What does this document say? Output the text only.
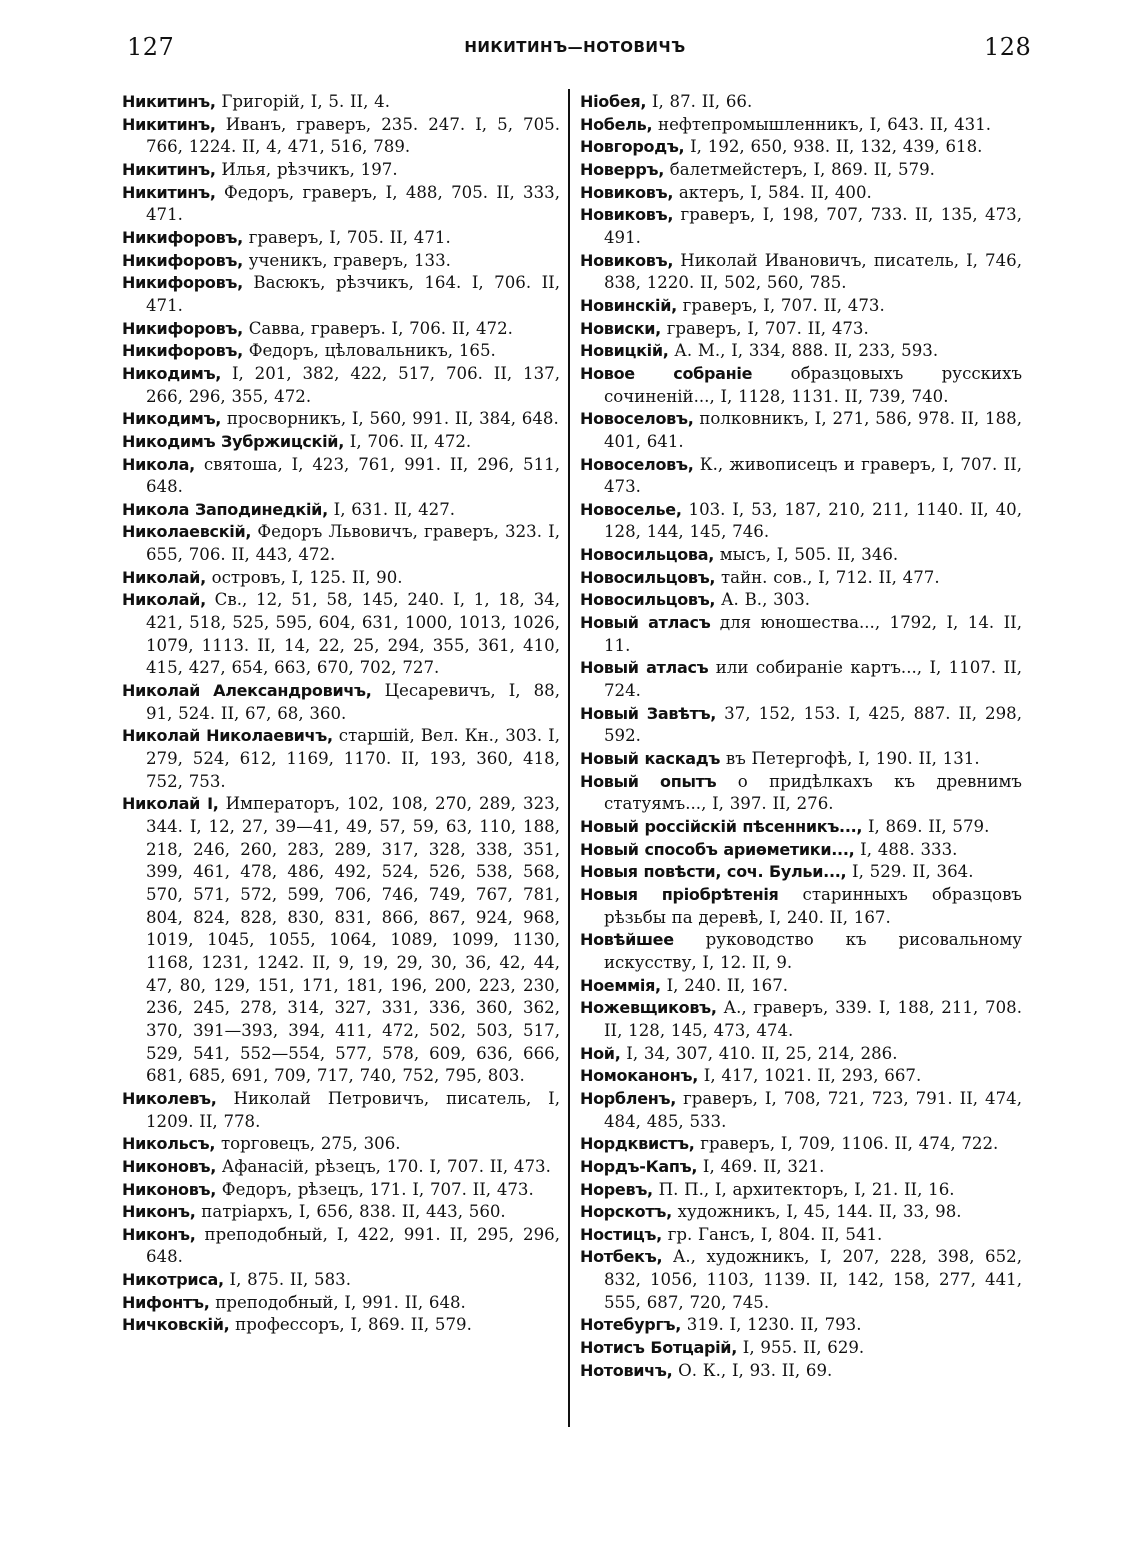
127	НИКИТИНЪ—НОТОВИЧЪ	128
Никитинъ, Григорій, I, 5. II, 4.
Никитинъ, Иванъ, граверъ, 235. 247. I, 5, 705. 766, 1224. II, 4, 471, 516, 789.
Никитинъ, Илья, рѣзчикъ, 197.
Никитинъ, Федоръ, граверъ, I, 488, 705. II, 333, 471.
Никифоровъ, граверъ, I, 705. II, 471.
Никифоровъ, ученикъ, граверъ, 133.
Никифоровъ, Васюкъ, рѣзчикъ, 164. I, 706. II, 471.
Никифоровъ, Савва, граверъ. I, 706. II, 472.
Никифоровъ, Федоръ, цѣловальникъ, 165.
Никодимъ, I, 201, 382, 422, 517, 706. II, 137, 266, 296, 355, 472.
Никодимъ, просворникъ, I, 560, 991. II, 384, 648.
Никодимъ Зубржицскій, I, 706. II, 472.
Никола, святоша, I, 423, 761, 991. II, 296, 511, 648.
Никола Заподинедкій, I, 631. II, 427.
Николаевскій, Федоръ Львовичъ, граверъ, 323. I, 655, 706. II, 443, 472.
Николай, островъ, I, 125. II, 90.
Николай, Св., 12, 51, 58, 145, 240. I, 1, 18, 34, 421, 518, 525, 595, 604, 631, 1000, 1013, 1026, 1079, 1113. II, 14, 22, 25, 294, 355, 361, 410, 415, 427, 654, 663, 670, 702, 727.
Николай Александровичъ, Цесаревичъ, I, 88, 91, 524. II, 67, 68, 360.
Николай Николаевичъ, старшій, Вел. Кн., 303. I, 279, 524, 612, 1169, 1170. II, 193, 360, 418, 752, 753.
Николай I, Императоръ, 102, 108, 270, 289, 323, 344. I, 12, 27, 39—41, 49, 57, 59, 63, 110, 188, 218, 246, 260, 283, 289, 317, 328, 338, 351, 399, 461, 478, 486, 492, 524, 526, 538, 568, 570, 571, 572, 599, 706, 746, 749, 767, 781, 804, 824, 828, 830, 831, 866, 867, 924, 968, 1019, 1045, 1055, 1064, 1089, 1099, 1130, 1168, 1231, 1242. II, 9, 19, 29, 30, 36, 42, 44, 47, 80, 129, 151, 171, 181, 196, 200, 223, 230, 236, 245, 278, 314, 327, 331, 336, 360, 362, 370, 391—393, 394, 411, 472, 502, 503, 517, 529, 541, 552—554, 577, 578, 609, 636, 666, 681, 685, 691, 709, 717, 740, 752, 795, 803.
Николевъ, Николай Петровичъ, писатель, I, 1209. II, 778.
Никольсъ, торговецъ, 275, 306.
Никоновъ, Афанасій, рѣзецъ, 170. I, 707. II, 473.
Никоновъ, Федоръ, рѣзецъ, 171. I, 707. II, 473.
Никонъ, патріархъ, I, 656, 838. II, 443, 560.
Никонъ, преподобный, I, 422, 991. II, 295, 296, 648.
Никотриса, I, 875. II, 583.
Нифонтъ, преподобный, I, 991. II, 648.
Ничковскій, профессоръ, I, 869. II, 579.
Ніобея, I, 87. II, 66.
Нобель, нефтепромышленникъ, I, 643. II, 431.
Новгородъ, I, 192, 650, 938. II, 132, 439, 618.
Новерръ, балетмейстеръ, I, 869. II, 579.
Новиковъ, актеръ, I, 584. II, 400.
Новиковъ, граверъ, I, 198, 707, 733. II, 135, 473, 491.
Новиковъ, Николай Ивановичъ, писатель, I, 746, 838, 1220. II, 502, 560, 785.
Новинскій, граверъ, I, 707. II, 473.
Новиски, граверъ, I, 707. II, 473.
Новицкій, А. М., I, 334, 888. II, 233, 593.
Новое собраніе образцовыхъ русскихъ сочиненій..., I, 1128, 1131. II, 739, 740.
Новоселовъ, полковникъ, I, 271, 586, 978. II, 188, 401, 641.
Новоселовъ, К., живописецъ и граверъ, I, 707. II, 473.
Новоселье, 103. I, 53, 187, 210, 211, 1140. II, 40, 128, 144, 145, 746.
Новосильцова, мысъ, I, 505. II, 346.
Новосильцовъ, тайн. сов., I, 712. II, 477.
Новосильцовъ, А. В., 303.
Новый атласъ для юношества..., 1792, I, 14. II, 11.
Новый атласъ или собираніе картъ..., I, 1107. II, 724.
Новый Завѣтъ, 37, 152, 153. I, 425, 887. II, 298, 592.
Новый каскадъ въ Петергофѣ, I, 190. II, 131.
Новый опытъ о придѣлкахъ къ древнимъ статуямъ..., I, 397. II, 276.
Новый россійскій пѣсенникъ..., I, 869. II, 579.
Новый способъ ариѳметики..., I, 488. 333.
Новыя повѣсти, соч. Бульи..., I, 529. II, 364.
Новыя пріобрѣтенія старинныхъ образцовъ рѣзьбы па деревѣ, I, 240. II, 167.
Новѣйшее руководство къ рисовальному искусству, I, 12. II, 9.
Ноеммія, I, 240. II, 167.
Ножевщиковъ, А., граверъ, 339. I, 188, 211, 708. II, 128, 145, 473, 474.
Ной, I, 34, 307, 410. II, 25, 214, 286.
Номоканонъ, I, 417, 1021. II, 293, 667.
Норбленъ, граверъ, I, 708, 721, 723, 791. II, 474, 484, 485, 533.
Нордквистъ, граверъ, I, 709, 1106. II, 474, 722.
Нордъ-Капъ, I, 469. II, 321.
Норевъ, П. П., I, архитекторъ, I, 21. II, 16.
Норскотъ, художникъ, I, 45, 144. II, 33, 98.
Ностицъ, гр. Гансъ, I, 804. II, 541.
Нотбекъ, А., художникъ, I, 207, 228, 398, 652, 832, 1056, 1103, 1139. II, 142, 158, 277, 441, 555, 687, 720, 745.
Нотебургъ, 319. I, 1230. II, 793.
Нотисъ Ботцарій, I, 955. II, 629.
Нотовичъ, О. К., I, 93. II, 69.
